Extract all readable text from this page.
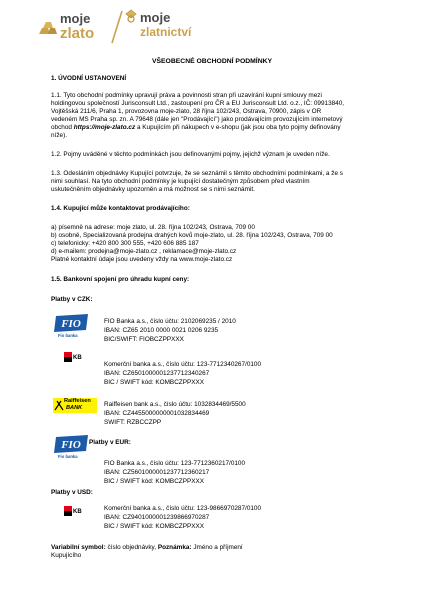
moje
zlato
moje
zlatnictví
VŠEOBECNÉ OBCHODNÍ PODMÍNKY
1. ÚVODNÍ USTANOVENÍ
1.1. Tyto obchodní podmínky upravují práva a povinnosti stran při uzavírání kupní smlouvy mezi
holdingovou společností Jurisconsult Ltd., zastoupení pro ČR a EU Jurisconsult Ltd. o.z., IČ: 09913840,
Vojtěšská 211/6, Praha 1, provozovna moje-zlato, 28 října 102/243, Ostrava, 70900, zápis v OR
vedeném MS Praha sp. zn. A 79648 (dále jen "Prodávající") jako prodávajícím provozujícím internetový
obchod https://moje-zlato.cz a Kupujícím při nákupech v e-shopu (jak jsou oba tyto pojmy definovány
níže).
1.2. Pojmy uváděné v těchto podmínkách jsou definovanými pojmy, jejichž význam je uveden níže.
1.3. Odesláním objednávky Kupující potvrzuje, že se seznámil s těmito obchodními podmínkami, a že s
nimi souhlasí. Na tyto obchodní podmínky je kupující dostatečným způsobem před vlastním
uskutečněním objednávky upozorněn a má možnost se s nimi seznámit.
1.4. Kupující může kontaktovat prodávajícího:
a) písemně na adrese: moje zlato, ul. 28. října 102/243, Ostrava, 709 00
b) osobně, Specializovaná prodejna drahých kovů moje-zlato, ul. 28. října 102/243, Ostrava, 709 00
c) telefonicky: +420 800 300 555, +420 606 885 187
d) e-mailem: prodejna@moje-zlato.cz , reklamace@moje-zlato.cz
Platné kontaktní údaje jsou uvedeny vždy na www.moje-zlato.cz
1.5. Bankovní spojení pro úhradu kupní ceny:
Platby v CZK:
FIO
Fio banka
FIO Banka a.s., číslo účtu: 2102069235 / 2010
IBAN: CZ65 2010 0000 0021 0206 9235
BIC/SWIFT: FIOBCZPPXXX
KB
Komerční banka a.s., číslo účtu: 123-7712340267/0100
IBAN: CZ6501000001237712340267
BIC / SWIFT kód: KOMBCZPPXXX
Raiffeisen
BANK	Raiffeisen bank a.s., číslo účtu: 1032834469/5500
IBAN: CZ4455000000001032834469
SWIFT: RZBCCZPP
FIO
Fio banka
Platby v EUR:
FIO Banka a.s., číslo účtu: 123-7712360217/0100
IBAN: CZ5601000001237712360217
BIC / SWIFT kód: KOMBCZPPXXX
Platby v USD:
KB	Komerční banka a.s., číslo účtu: 123-9866970287/0100
IBAN: CZ9401000001239866970287
BIC / SWIFT kód: KOMBCZPPXXX
Variabilní symbol: číslo objednávky, Poznámka: Jméno a příjmení
Kupujícího
